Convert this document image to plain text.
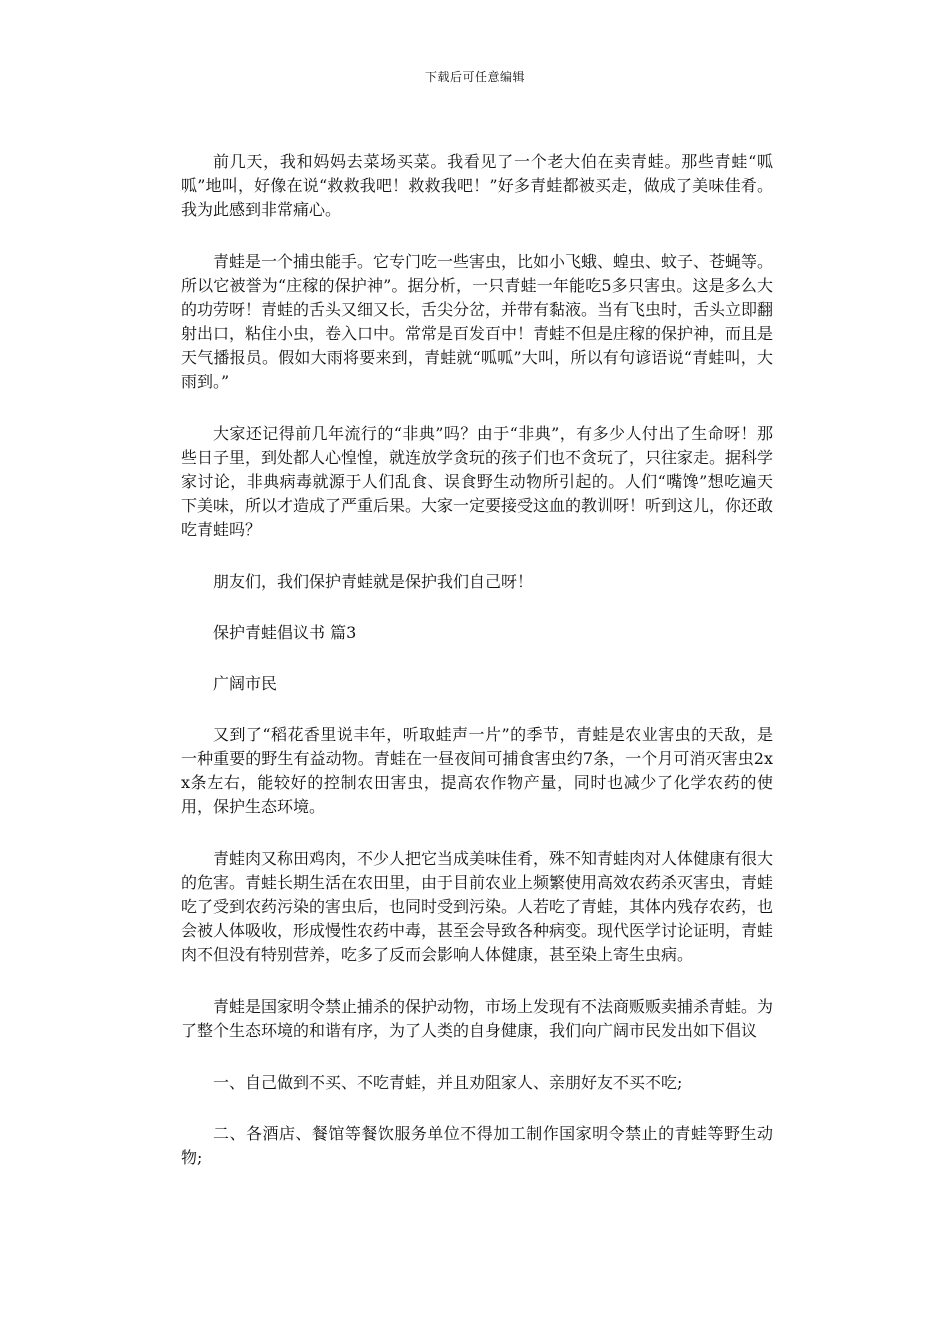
下载后可任意编辑

前几天，我和妈妈去菜场买菜。我看见了一个老大伯在卖青蛙。那些青蛙“呱呱”地叫，好像在说“救救我吧！救救我吧！”好多青蛙都被买走，做成了美味佳肴。我为此感到非常痛心。

青蛙是一个捕虫能手。它专门吃一些害虫，比如小飞蛾、蝗虫、蚊子、苍蝇等。所以它被誉为“庄稼的保护神”。据分析，一只青蛙一年能吃5多只害虫。这是多么大的功劳呀！青蛙的舌头又细又长，舌尖分岔，并带有黏液。当有飞虫时，舌头立即翻射出口，粘住小虫，卷入口中。常常是百发百中！青蛙不但是庄稼的保护神，而且是天气播报员。假如大雨将要来到，青蛙就“呱呱”大叫，所以有句谚语说“青蛙叫，大雨到。”

大家还记得前几年流行的“非典”吗？由于“非典”，有多少人付出了生命呀！那些日子里，到处都人心惶惶，就连放学贪玩的孩子们也不贪玩了，只往家走。据科学家讨论，非典病毒就源于人们乱食、误食野生动物所引起的。人们“嘴馋”想吃遍天下美味，所以才造成了严重后果。大家一定要接受这血的教训呀！听到这儿，你还敢吃青蛙吗？

朋友们，我们保护青蛙就是保护我们自己呀！

保护青蛙倡议书 篇3

广阔市民

又到了“稻花香里说丰年，听取蛙声一片”的季节，青蛙是农业害虫的天敌，是一种重要的野生有益动物。青蛙在一昼夜间可捕食害虫约7条，一个月可消灭害虫2xx条左右，能较好的控制农田害虫，提高农作物产量，同时也减少了化学农药的使用，保护生态环境。

青蛙肉又称田鸡肉，不少人把它当成美味佳肴，殊不知青蛙肉对人体健康有很大的危害。青蛙长期生活在农田里，由于目前农业上频繁使用高效农药杀灭害虫，青蛙吃了受到农药污染的害虫后，也同时受到污染。人若吃了青蛙，其体内残存农药，也会被人体吸收，形成慢性农药中毒，甚至会导致各种病变。现代医学讨论证明，青蛙肉不但没有特别营养，吃多了反而会影响人体健康，甚至染上寄生虫病。

青蛙是国家明令禁止捕杀的保护动物，市场上发现有不法商贩贩卖捕杀青蛙。为了整个生态环境的和谐有序，为了人类的自身健康，我们向广阔市民发出如下倡议

一、自己做到不买、不吃青蛙，并且劝阻家人、亲朋好友不买不吃;

二、各酒店、餐馆等餐饮服务单位不得加工制作国家明令禁止的青蛙等野生动物;
